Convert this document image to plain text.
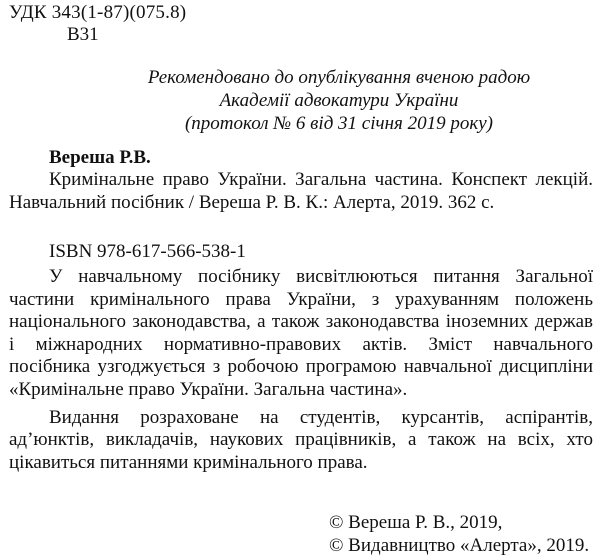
УДК 343(1-87)(075.8)
В31
Рекомендовано до опублікування вченою радою
Академії адвокатури України
(протокол № 6 від 31 січня 2019 року)
Вереша Р.В.
Кримінальне право України. Загальна частина. Конспект лекцій. Навчальний посібник / Вереша Р. В. К.: Алерта, 2019. 362 с.
ISBN 978-617-566-538-1

У навчальному посібнику висвітлюються питання Загальної частини кримінального права України, з урахуванням положень національного законодавства, а також законодавства іноземних держав і міжнародних нормативно-правових актів. Зміст навчального посібника узгоджується з робочою програмою навчальної дисципліни «Кримінальне право України. Загальна частина».

Видання розраховане на студентів, курсантів, аспірантів, ад’юнктів, викладачів, наукових працівників, а також на всіх, хто цікавиться питаннями кримінального права.

© Вереша Р. В., 2019,
© Видавництво «Алерта», 2019.
